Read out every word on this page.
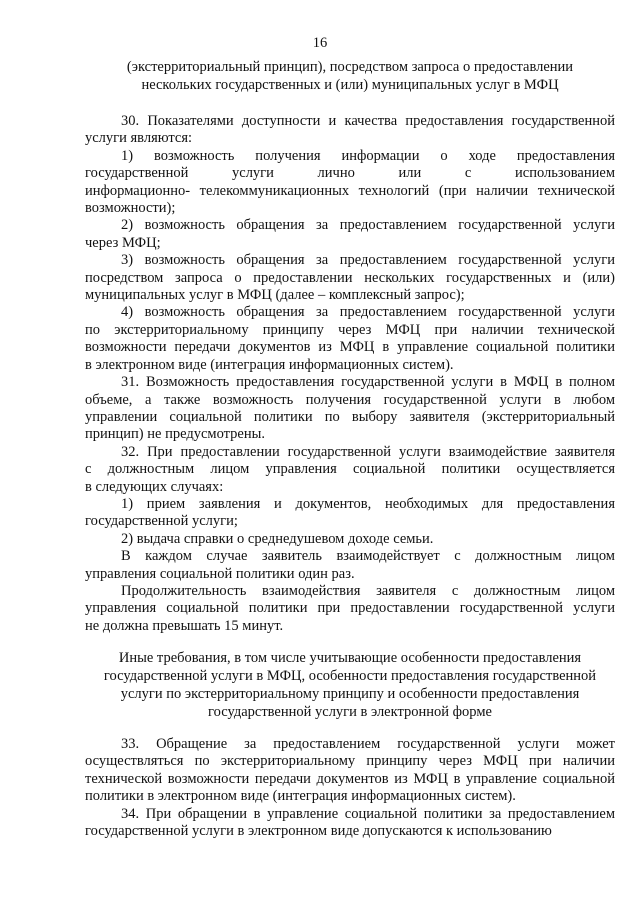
16
(экстерриториальный принцип), посредством запроса о предоставлении
нескольких государственных и (или) муниципальных услуг в МФЦ

30. Показателями доступности и качества предоставления государственной
услуги являются:

1) возможность получения информации о ходе предоставления
государственной услуги лично или с использованием
информационно- телекоммуникационных технологий (при наличии технической
возможности);

2) возможность обращения за предоставлением государственной услуги
через МФЦ;

3) возможность обращения за предоставлением государственной услуги
посредством запроса о предоставлении нескольких государственных и (или)
муниципальных услуг в МФЦ (далее – комплексный запрос);

4) возможность обращения за предоставлением государственной услуги
по экстерриториальному принципу через МФЦ при наличии технической
возможности передачи документов из МФЦ в управление социальной политики
в электронном виде (интеграция информационных систем).

31. Возможность предоставления государственной услуги в МФЦ в полном
объеме, а также возможность получения государственной услуги в любом
управлении социальной политики по выбору заявителя (экстерриториальный
принцип) не предусмотрены.

32. При предоставлении государственной услуги взаимодействие заявителя
с должностным лицом управления социальной политики осуществляется
в следующих случаях:

1) прием заявления и документов, необходимых для предоставления
государственной услуги;

2) выдача справки о среднедушевом доходе семьи.

В каждом случае заявитель взаимодействует с должностным лицом
управления социальной политики один раз.

Продолжительность взаимодействия заявителя с должностным лицом
управления социальной политики при предоставлении государственной услуги
не должна превышать 15 минут.

Иные требования, в том числе учитывающие особенности предоставления
государственной услуги в МФЦ, особенности предоставления государственной
услуги по экстерриториальному принципу и особенности предоставления
государственной услуги в электронной форме

33. Обращение за предоставлением государственной услуги может
осуществляться по экстерриториальному принципу через МФЦ при наличии
технической возможности передачи документов из МФЦ в управление социальной
политики в электронном виде (интеграция информационных систем).

34. При обращении в управление социальной политики за предоставлением
государственной услуги в электронном виде допускаются к использованию
